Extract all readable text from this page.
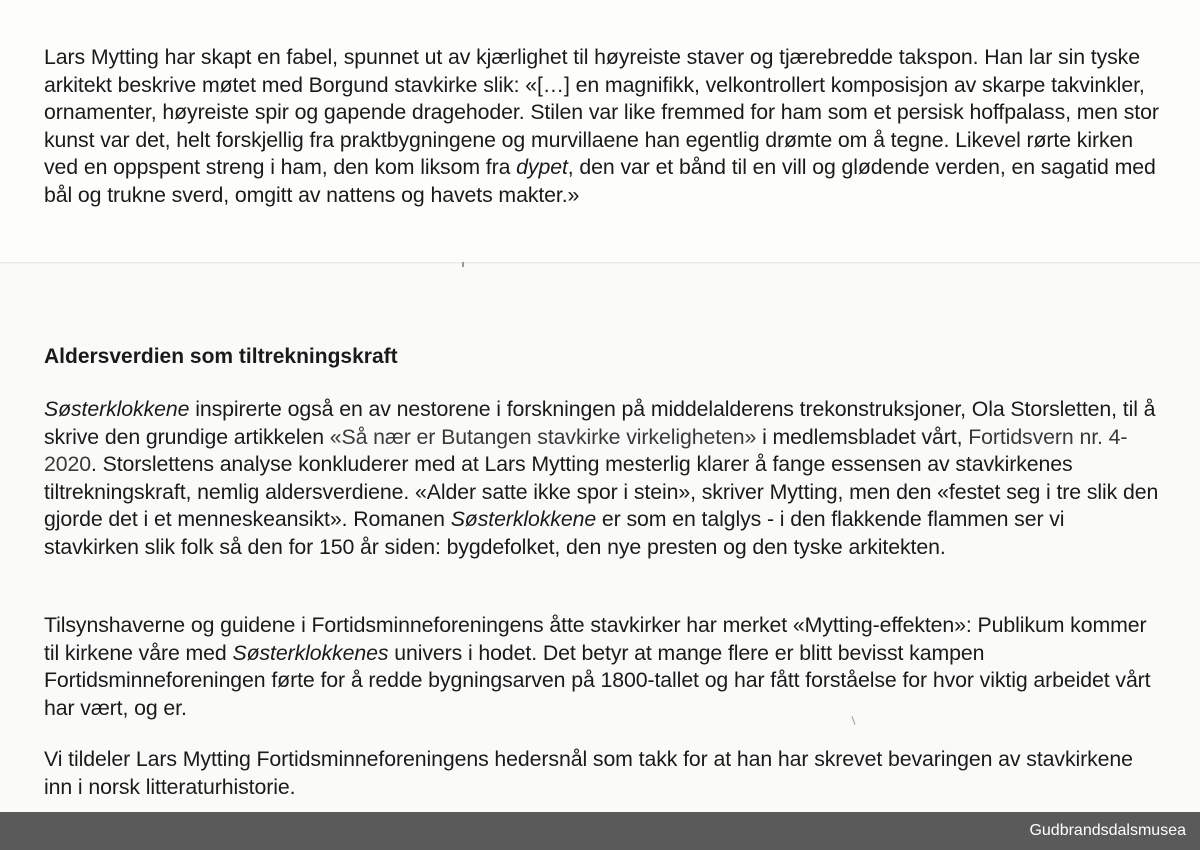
Lars Mytting har skapt en fabel, spunnet ut av kjærlighet til høyreiste staver og tjærebredde takspon. Han lar sin tyske arkitekt beskrive møtet med Borgund stavkirke slik: «[…] en magnifikk, velkontrollert komposisjon av skarpe takvinkler, ornamenter, høyreiste spir og gapende dragehoder. Stilen var like fremmed for ham som et persisk hoffpalass, men stor kunst var det, helt forskjellig fra praktbygningene og murvillaene han egentlig drømte om å tegne. Likevel rørte kirken ved en oppspent streng i ham, den kom liksom fra dypet, den var et bånd til en vill og glødende verden, en sagatid med bål og trukne sverd, omgitt av nattens og havets makter.»

Aldersverdien som tiltrekningskraft

Søsterklokkene inspirerte også en av nestorene i forskningen på middelalderens trekonstruksjoner, Ola Storsletten, til å skrive den grundige artikkelen «Så nær er Butangen stavkirke virkeligheten» i medlemsbladet vårt, Fortidsvern nr. 4-2020. Storslettens analyse konkluderer med at Lars Mytting mesterlig klarer å fange essensen av stavkirkenes tiltrekningskraft, nemlig aldersverdiene. «Alder satte ikke spor i stein», skriver Mytting, men den «festet seg i tre slik den gjorde det i et menneskeansikt». Romanen Søsterklokkene er som en talglys - i den flakkende flammen ser vi stavkirken slik folk så den for 150 år siden: bygdefolket, den nye presten og den tyske arkitekten.

Tilsynshaverne og guidene i Fortidsminneforeningens åtte stavkirker har merket «Mytting-effekten»: Publikum kommer til kirkene våre med Søsterklokkenes univers i hodet. Det betyr at mange flere er blitt bevisst kampen Fortidsminneforeningen førte for å redde bygningsarven på 1800-tallet og har fått forståelse for hvor viktig arbeidet vårt har vært, og er.

Vi tildeler Lars Mytting Fortidsminneforeningens hedersnål som takk for at han har skrevet bevaringen av stavkirkene inn i norsk litteraturhistorie.

Gudbrandsdalsmusea
